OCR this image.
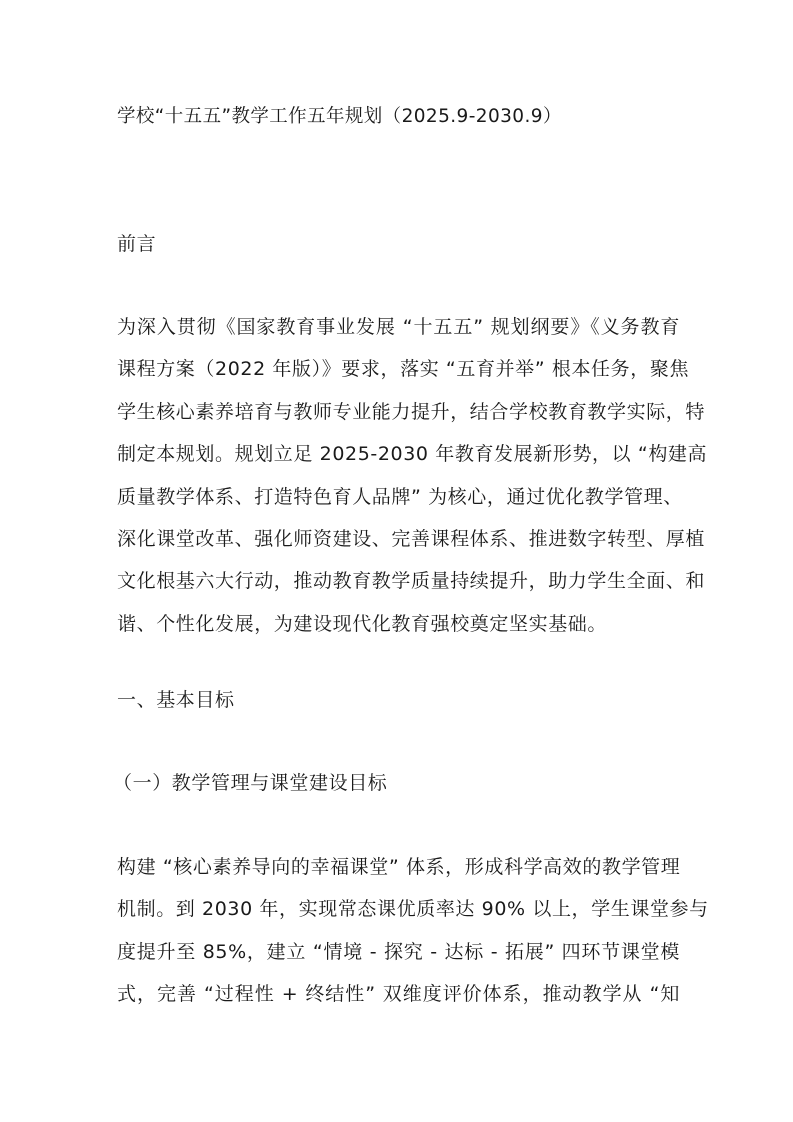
学校“十五五”教学工作五年规划（2025.9-2030.9）
前言
为深入贯彻《国家教育事业发展 “十五五” 规划纲要》《义务教育
课程方案（2022 年版）》要求，落实 “五育并举” 根本任务，聚焦
学生核心素养培育与教师专业能力提升，结合学校教育教学实际，特
制定本规划。规划立足 2025-2030 年教育发展新形势，以 “构建高
质量教学体系、打造特色育人品牌” 为核心，通过优化教学管理、
深化课堂改革、强化师资建设、完善课程体系、推进数字转型、厚植
文化根基六大行动，推动教育教学质量持续提升，助力学生全面、和
谐、个性化发展，为建设现代化教育强校奠定坚实基础。
一、基本目标
（一）教学管理与课堂建设目标
构建 “核心素养导向的幸福课堂” 体系，形成科学高效的教学管理
机制。到 2030 年，实现常态课优质率达 90% 以上，学生课堂参与
度提升至 85%，建立 “情境 - 探究 - 达标 - 拓展” 四环节课堂模
式，完善 “过程性 + 终结性” 双维度评价体系，推动教学从 “知
